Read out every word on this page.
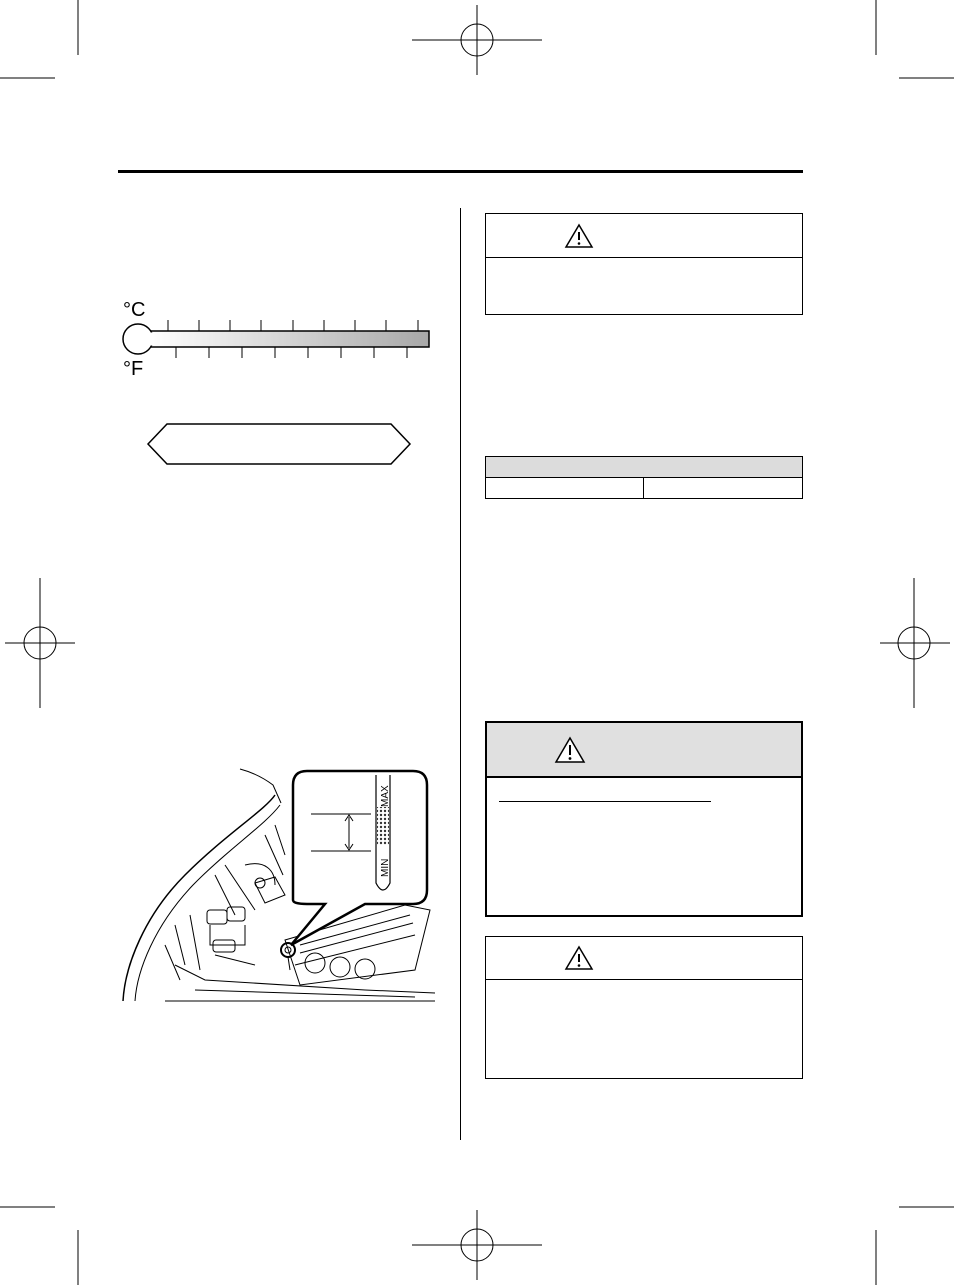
°C
°F
MAX
MIN
